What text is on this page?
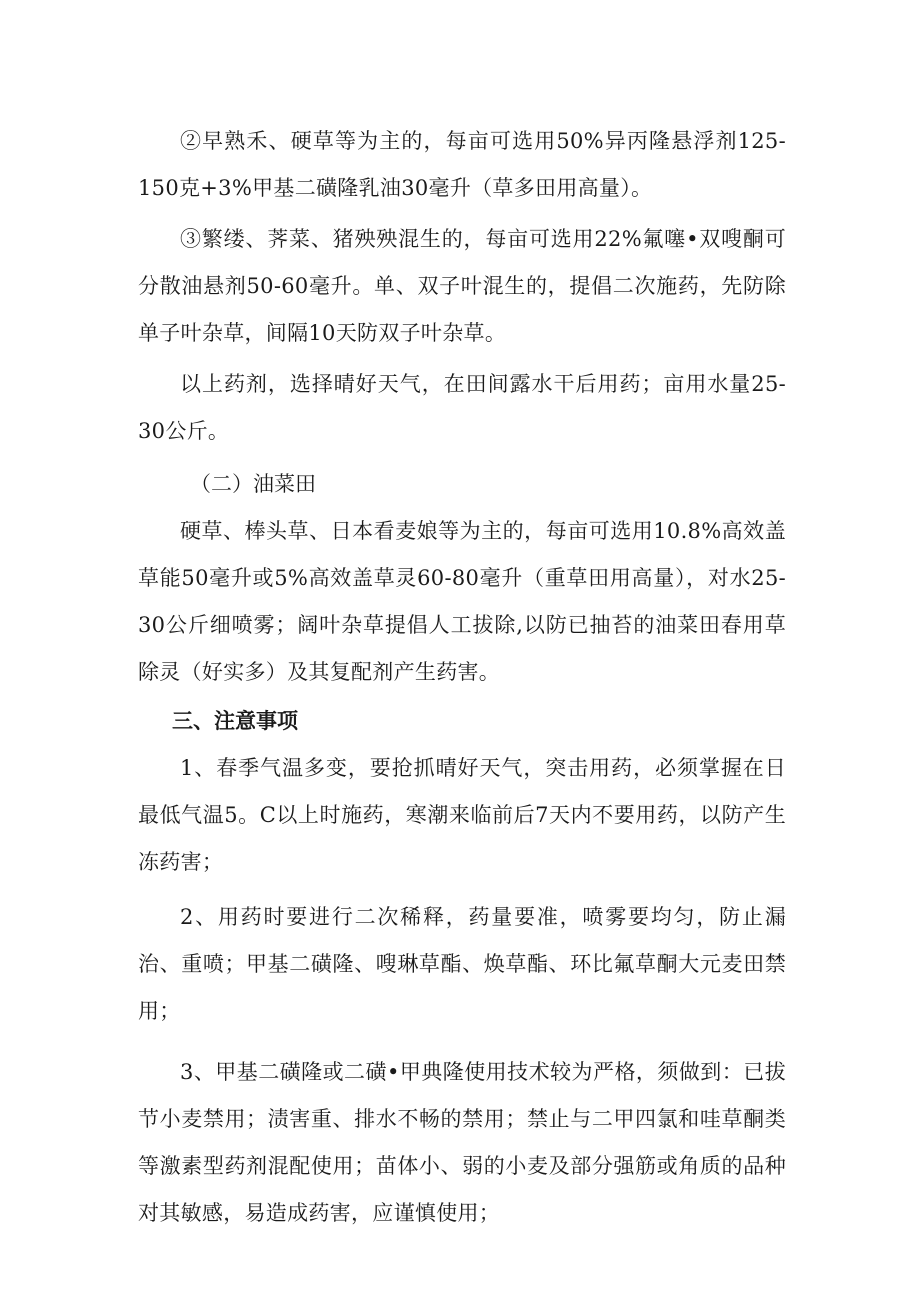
②早熟禾、硬草等为主的，每亩可选用50%异丙隆悬浮剂125-150克+3%甲基二磺隆乳油30毫升（草多田用高量）。

③繁缕、荠菜、猪殃殃混生的，每亩可选用22%氟噻•双嗖酮可分散油悬剂50-60毫升。单、双子叶混生的，提倡二次施药，先防除单子叶杂草，间隔10天防双子叶杂草。

以上药剂，选择晴好天气，在田间露水干后用药；亩用水量25-30公斤。

（二）油菜田

硬草、棒头草、日本看麦娘等为主的，每亩可选用10.8%高效盖草能50毫升或5%高效盖草灵60-80毫升（重草田用高量），对水25-30公斤细喷雾；阔叶杂草提倡人工拔除,以防已抽苔的油菜田春用草除灵（好实多）及其复配剂产生药害。

三、注意事项

1、春季气温多变，要抢抓晴好天气，突击用药，必须掌握在日最低气温5。C以上时施药，寒潮来临前后7天内不要用药，以防产生冻药害；

2、用药时要进行二次稀释，药量要准，喷雾要均匀，防止漏治、重喷；甲基二磺隆、嗖琳草酯、焕草酯、环比氟草酮大元麦田禁用；

3、甲基二磺隆或二磺•甲典隆使用技术较为严格，须做到：已拔节小麦禁用；渍害重、排水不畅的禁用；禁止与二甲四氯和哇草酮类等激素型药剂混配使用；苗体小、弱的小麦及部分强筋或角质的品种对其敏感，易造成药害，应谨慎使用；
